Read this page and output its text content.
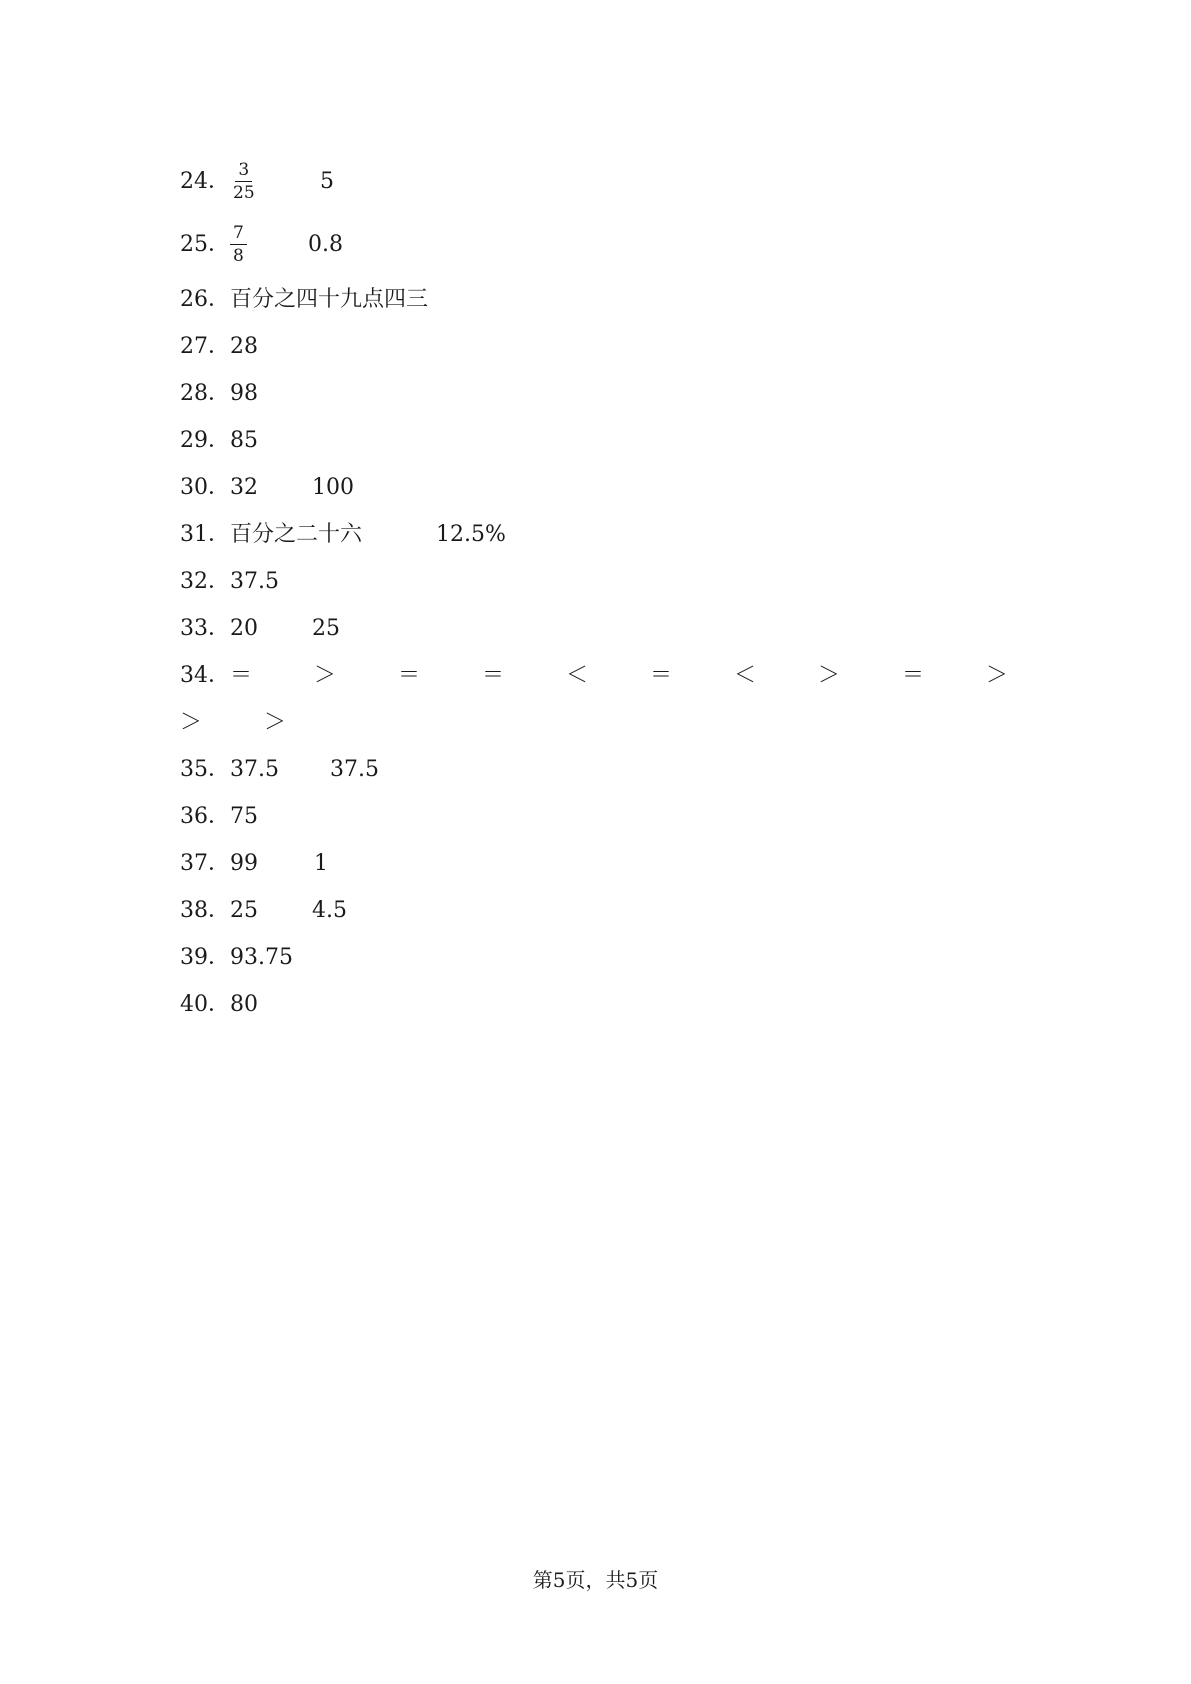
24． $\frac{3}{25}$	5
25． $\frac{7}{8}$	0.8
26． 百分之四十九点四三
27． 28
28． 98
29． 85
30． 32 100
31． 百分之二十六	12.5%
32． 37.5
33． 20 25
34． ＝	＞	＝	＝	＜	＝	＜	＞	＝	＞
＞	＞
35． 37.5 37.5
36． 75
37． 99	1
38． 25 4.5
39． 93.75
40． 80
第5页，共5页
